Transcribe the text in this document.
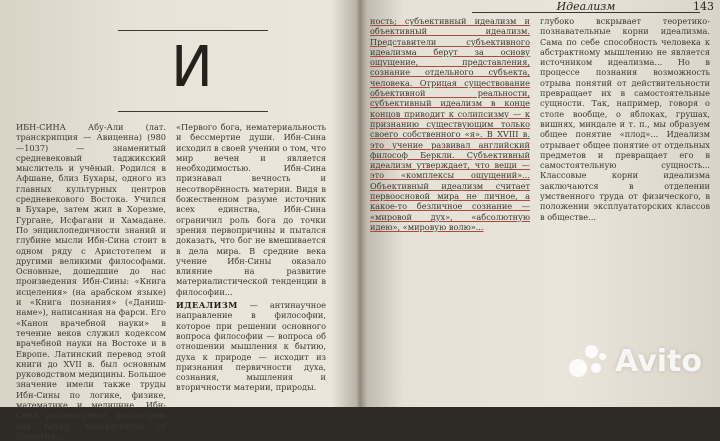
И

ИБН-СИНА Абу-Али (лат. транскрипция — Авиценна) (980—1037) — знаменитый средневековый таджикский мыслитель и учёный. Родился в Афшане, близ Бухары, одного из главных культурных центров средневекового Востока. Учился в Бухаре, затем жил в Хорезме, Гургане, Исфагани и Хамадане. По энциклопедичности знаний и глубине мысли Ибн-Сина стоит в одном ряду с Аристотелем и другими великими философами. Основные, дошедшие до нас произведения Ибн-Сины: «Книга исцеления» (на арабском языке) и «Книга познания» («Даниш-наме»), написанная на фарси. Его «Канон врачебной науки» в течение веков служил кодексом врачебной науки на Востоке и в Европе. Латинский перевод этой книги до XVII в. был основным руководством медицины. Большое значение имели также труды Ибн-Сины по логике, физике, математике и медицине. Ибн-Сина рассматривал философию как науку, независимую от теологии...

«Первого бога, нематериальность и бессмертие души. Ибн-Сина исходил в своей учении о том, что мир вечен и является необходимостью. Ибн-Сина признавал вечность и несотворённость материи. Видя в божественном разуме источник всех единства, Ибн-Сина ограничил роль бога до точки зрения первопричины и пытался доказать, что бог не вмешивается в дела мира. В средние века учение Ибн-Сины оказало влияние на развитие материалистической тенденции в философии...

ИДЕАЛИЗМ — антинаучное направление в философии, которое при решении основного вопроса философии — вопроса об отношении мышления к бытию, духа к природе — исходит из признания первичности духа, сознания, мышления и вторичности материи, природы.

Идеализм	143

ность; субъективный идеализм и объективный идеализм. Представители субъективного идеализма берут за основу ощущение, представления, сознание отдельного субъекта, человека. Отрицая существование объективной реальности, субъективный идеализм в конце концов приводит к солипсизму — к признанию существующим только своего собственного «я». В XVIII в. это учение развивал английский философ Беркли. Субъективный идеализм утверждает, что вещи — это «комплексы ощущений»... Объективный идеализм считает первоосновой мира не личное, а какое-то безличное сознание — «мировой дух», «абсолютную идею», «мировую волю»...

глубоко вскрывает теоретико-познавательные корни идеализма. Сама по себе способность человека к абстрактному мышлению не является источником идеализма... Но в процессе познания возможность отрыва понятий от действительности превращает их в самостоятельные сущности. Так, например, говоря о столе вообще, о яблоках, грушах, вишнях, миндале и т. п., мы образуем общее понятие «плод»... Идеализм отрывает общее понятие от отдельных предметов и превращает его в самостоятельную сущность... Классовые корни идеализма заключаются в отделении умственного труда от физического, в положении эксплуататорских классов в обществе...

Avito
